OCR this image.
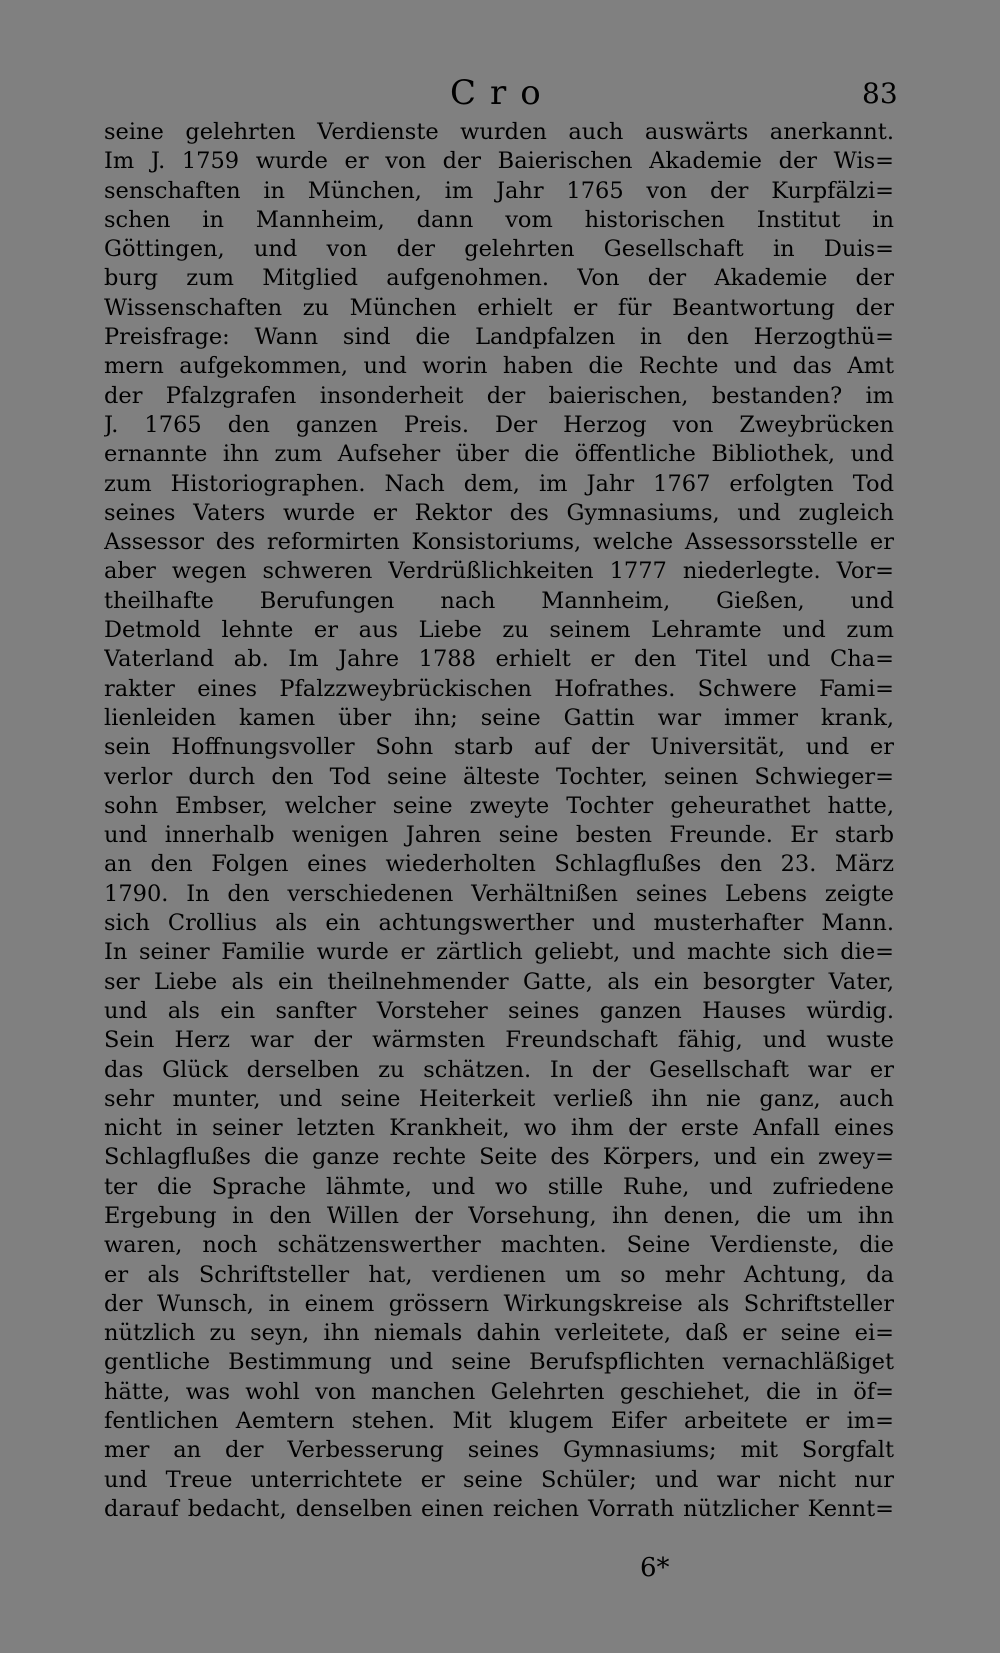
Cro	83
seine gelehrten Verdienste wurden auch auswärts anerkannt.
Im J. 1759 wurde er von der Baierischen Akademie der Wis=
senschaften in München, im Jahr 1765 von der Kurpfälzi=
schen in Mannheim, dann vom historischen Institut in
Göttingen, und von der gelehrten Gesellschaft in Duis=
burg zum Mitglied aufgenohmen. Von der Akademie der
Wissenschaften zu München erhielt er für Beantwortung der
Preisfrage: Wann sind die Landpfalzen in den Herzogthü=
mern aufgekommen, und worin haben die Rechte und das Amt
der Pfalzgrafen insonderheit der baierischen, bestanden? im
J. 1765 den ganzen Preis. Der Herzog von Zweybrücken
ernannte ihn zum Aufseher über die öffentliche Bibliothek, und
zum Historiographen. Nach dem, im Jahr 1767 erfolgten Tod
seines Vaters wurde er Rektor des Gymnasiums, und zugleich
Assessor des reformirten Konsistoriums, welche Assessorsstelle er
aber wegen schweren Verdrüßlichkeiten 1777 niederlegte. Vor=
theilhafte Berufungen nach Mannheim, Gießen, und
Detmold lehnte er aus Liebe zu seinem Lehramte und zum
Vaterland ab. Im Jahre 1788 erhielt er den Titel und Cha=
rakter eines Pfalzzweybrückischen Hofrathes. Schwere Fami=
lienleiden kamen über ihn; seine Gattin war immer krank,
sein Hoffnungsvoller Sohn starb auf der Universität, und er
verlor durch den Tod seine älteste Tochter, seinen Schwieger=
sohn Embser, welcher seine zweyte Tochter geheurathet hatte,
und innerhalb wenigen Jahren seine besten Freunde. Er starb
an den Folgen eines wiederholten Schlagflußes den 23. März
1790. In den verschiedenen Verhältnißen seines Lebens zeigte
sich Crollius als ein achtungswerther und musterhafter Mann.
In seiner Familie wurde er zärtlich geliebt, und machte sich die=
ser Liebe als ein theilnehmender Gatte, als ein besorgter Vater,
und als ein sanfter Vorsteher seines ganzen Hauses würdig.
Sein Herz war der wärmsten Freundschaft fähig, und wuste
das Glück derselben zu schätzen. In der Gesellschaft war er
sehr munter, und seine Heiterkeit verließ ihn nie ganz, auch
nicht in seiner letzten Krankheit, wo ihm der erste Anfall eines
Schlagflußes die ganze rechte Seite des Körpers, und ein zwey=
ter die Sprache lähmte, und wo stille Ruhe, und zufriedene
Ergebung in den Willen der Vorsehung, ihn denen, die um ihn
waren, noch schätzenswerther machten. Seine Verdienste, die
er als Schriftsteller hat, verdienen um so mehr Achtung, da
der Wunsch, in einem grössern Wirkungskreise als Schriftsteller
nützlich zu seyn, ihn niemals dahin verleitete, daß er seine ei=
gentliche Bestimmung und seine Berufspflichten vernachläßiget
hätte, was wohl von manchen Gelehrten geschiehet, die in öf=
fentlichen Aemtern stehen. Mit klugem Eifer arbeitete er im=
mer an der Verbesserung seines Gymnasiums; mit Sorgfalt
und Treue unterrichtete er seine Schüler; und war nicht nur
darauf bedacht, denselben einen reichen Vorrath nützlicher Kennt=
6*
